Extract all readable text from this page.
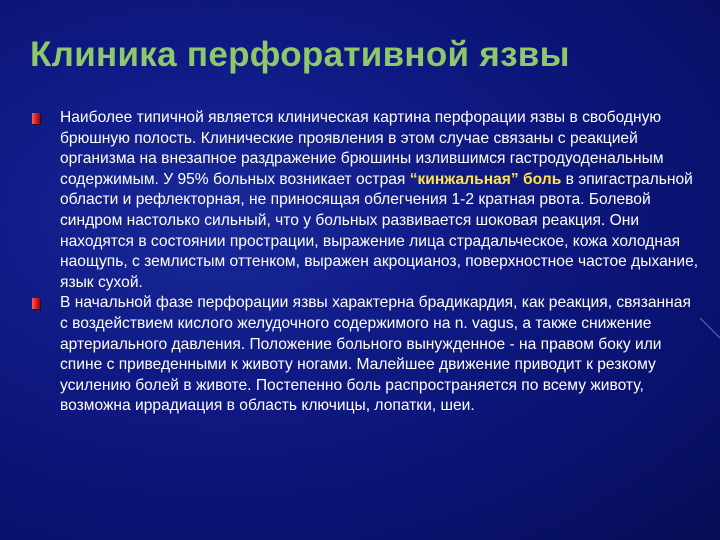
Клиника перфоративной язвы
Наиболее типичной является клиническая картина перфорации язвы в свободную брюшную полость. Клинические проявления в этом случае связаны с реакцией организма на внезапное раздражение брюшины излившимся гастродуоденальным содержимым. У 95% больных возникает острая “кинжальная” боль в эпигастральной области и рефлекторная, не приносящая облегчения 1-2 кратная рвота. Болевой синдром настолько сильный, что у больных развивается шоковая реакция. Они находятся в состоянии прострации, выражение лица страдальческое, кожа холодная наощупь, с землистым оттенком, выражен акроцианоз, поверхностное частое дыхание, язык сухой.
В начальной фазе перфорации язвы характерна брадикардия, как реакция, связанная с воздействием кислого желудочного содержимого на n. vagus, а также снижение артериального давления. Положение больного вынужденное - на правом боку или спине с приведенными к животу ногами. Малейшее движение приводит к резкому усилению болей в животе. Постепенно боль распространяется по всему животу, возможна иррадиация в область ключицы, лопатки, шеи.
